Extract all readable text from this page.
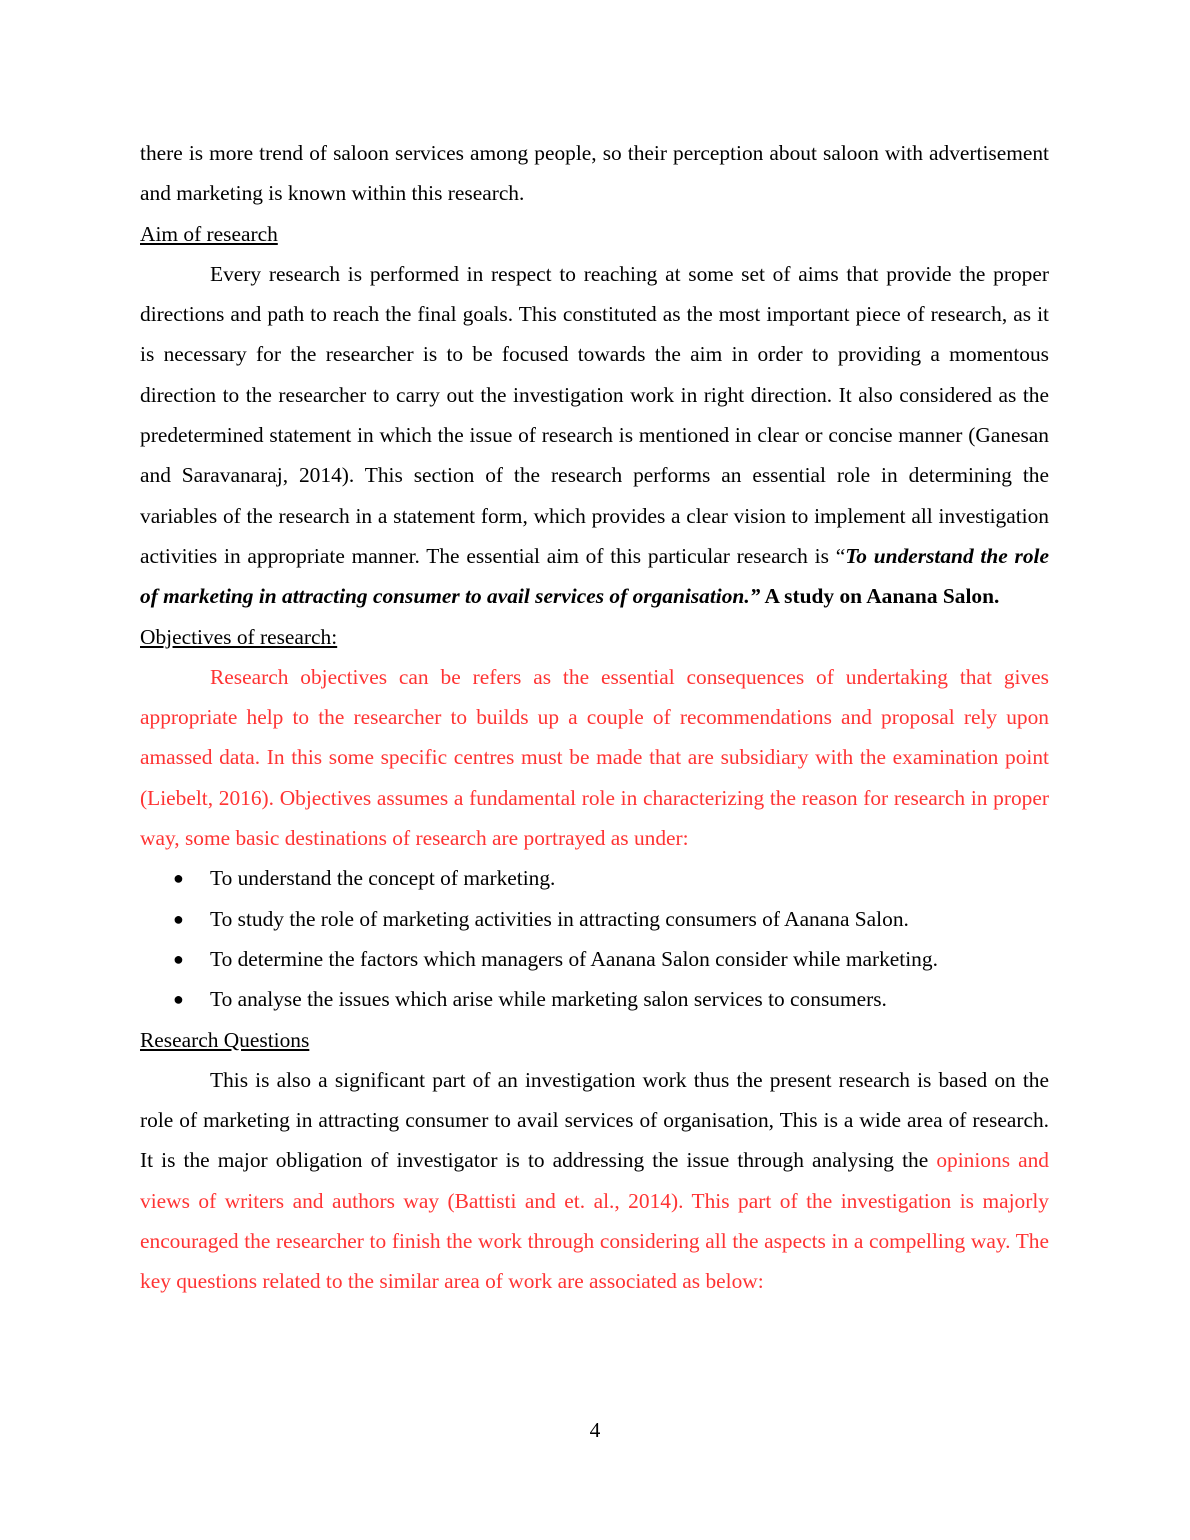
there is more trend of saloon services among people, so their perception about saloon with advertisement and marketing is known within this research.

Aim of research

Every research is performed in respect to reaching at some set of aims that provide the proper directions and path to reach the final goals. This constituted as the most important piece of research, as it is necessary for the researcher is to be focused towards the aim in order to providing a momentous direction to the researcher to carry out the investigation work in right direction. It also considered as the predetermined statement in which the issue of research is mentioned in clear or concise manner (Ganesan and Saravanaraj, 2014). This section of the research performs an essential role in determining the variables of the research in a statement form, which provides a clear vision to implement all investigation activities in appropriate manner. The essential aim of this particular research is “To understand the role of marketing in attracting consumer to avail services of organisation.” A study on Aanana Salon.

Objectives of research:

Research objectives can be refers as the essential consequences of undertaking that gives appropriate help to the researcher to builds up a couple of recommendations and proposal rely upon amassed data. In this some specific centres must be made that are subsidiary with the examination point (Liebelt, 2016). Objectives assumes a fundamental role in characterizing the reason for research in proper way, some basic destinations of research are portrayed as under:

● To understand the concept of marketing.
● To study the role of marketing activities in attracting consumers of Aanana Salon.
● To determine the factors which managers of Aanana Salon consider while marketing.
● To analyse the issues which arise while marketing salon services to consumers.

Research Questions

This is also a significant part of an investigation work thus the present research is based on the role of marketing in attracting consumer to avail services of organisation, This is a wide area of research. It is the major obligation of investigator is to addressing the issue through analysing the opinions and views of writers and authors way (Battisti and et. al., 2014). This part of the investigation is majorly encouraged the researcher to finish the work through considering all the aspects in a compelling way. The key questions related to the similar area of work are associated as below:

4
